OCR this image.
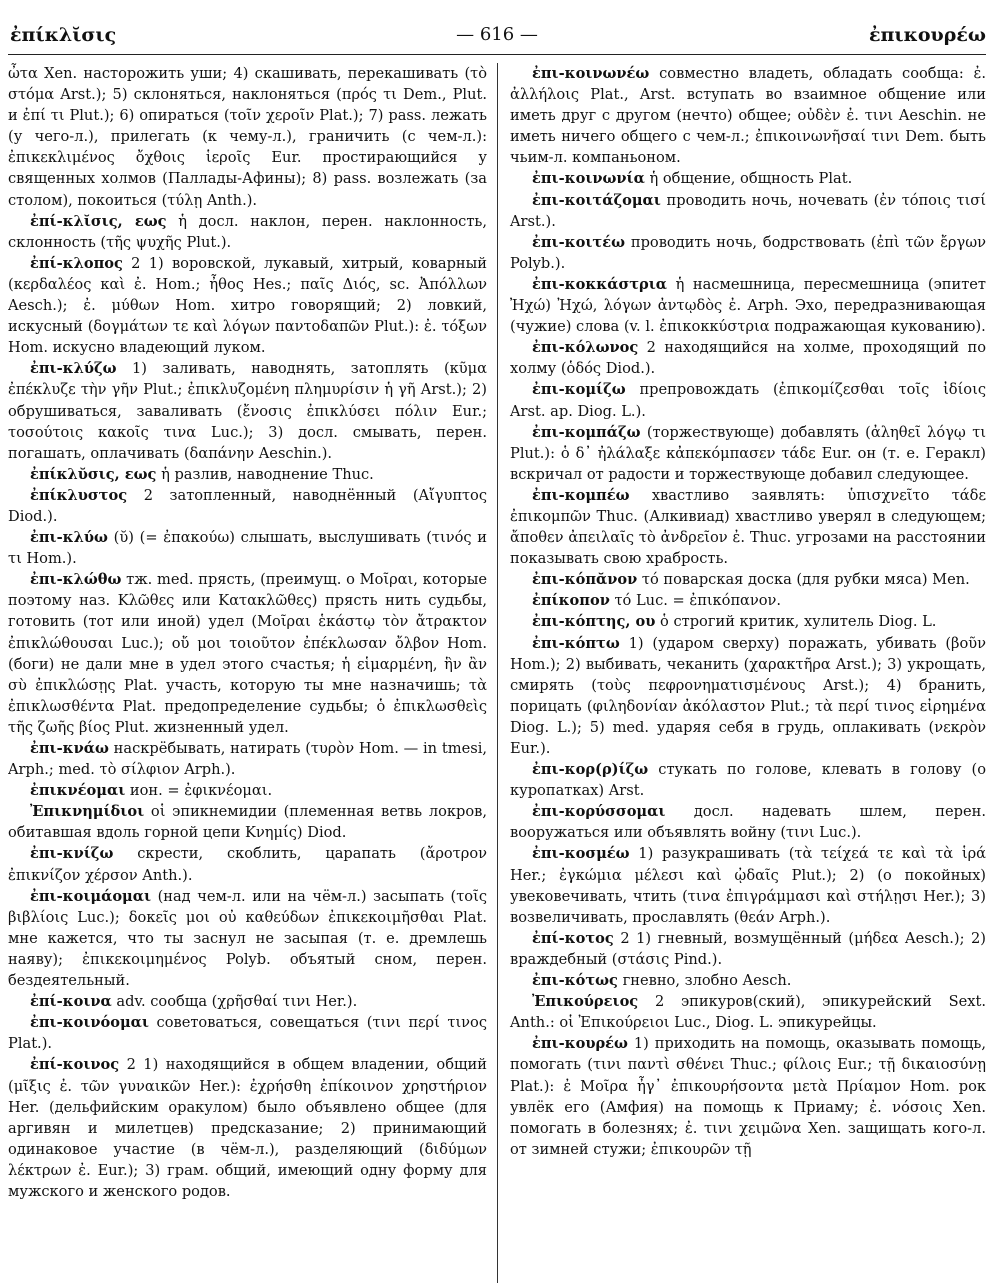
ἐπίκλῐσις	— 616 —	ἐπικουρέω

ὦτα Xen. насторожить уши; 4) скашивать, перекашивать (τὸ στόμα Arst.); 5) склоняться, наклоняться (πρός τι Dem., Plut. и ἐπί τι Plut.); 6) опираться (τοῖν χεροῖν Plat.); 7) pass. лежать (у чего-л.), прилегать (к чему-л.), граничить (с чем-л.): ἐπικεκλιμένος ὄχθοις ἱεροῖς Eur. простирающийся у священных холмов (Паллады-Афины); 8) pass. возлежать (за столом), покоиться (τύλῃ Anth.).

ἐπί-κλῐσις, εως ἡ досл. наклон, перен. наклонность, склонность (τῆς ψυχῆς Plut.).

ἐπί-κλοπος 2 1) воровской, лукавый, хитрый, коварный (κερδαλέος καὶ ἐ. Hom.; ἦθος Hes.; παῖς Διός, sc. Ἀπόλλων Aesch.); ἐ. μύθων Hom. хитро говорящий; 2) ловкий, искусный (δογμάτων τε καὶ λόγων παντοδαπῶν Plut.): ἐ. τόξων Hom. искусно владеющий луком.

ἐπι-κλύζω 1) заливать, наводнять, затоплять (κῦμα ἐπέκλυζε τὴν γῆν Plut.; ἐπικλυζομένη πλημυρίσιν ἡ γῆ Arst.); 2) обрушиваться, заваливать (ἔνοσις ἐπικλύσει πόλιν Eur.; τοσούτοις κακοῖς τινα Luc.); 3) досл. смывать, перен. погашать, оплачивать (δαπάνην Aeschin.).

ἐπίκλῠσις, εως ἡ разлив, наводнение Thuc.

ἐπίκλυστος 2 затопленный, наводнённый (Αἴγυπτος Diod.).

ἐπι-κλύω (ῠ) (= ἐπακούω) слышать, выслушивать (τινός и τι Hom.).

ἐπι-κλώθω тж. med. прясть, (преимущ. о Μοῖραι, которые поэтому наз. Κλῶθες или Κατακλῶθες) прясть нить судьбы, готовить (тот или иной) удел (Μοῖραι ἑκάστῳ τὸν ἄτρακτον ἐπικλώθουσαι Luc.); οὔ μοι τοιοῦτον ἐπέκλωσαν ὄλβον Hom. (боги) не дали мне в удел этого счастья; ἡ εἱμαρμένη, ἣν ἂν σὺ ἐπικλώσῃς Plat. участь, которую ты мне назначишь; τὰ ἐπικλωσθέντα Plat. предопределение судьбы; ὁ ἐπικλωσθεὶς τῆς ζωῆς βίος Plut. жизненный удел.

ἐπι-κνάω наскрёбывать, натирать (τυρὸν Hom. — in tmesi, Arph.; med. τὸ σίλφιον Arph.).

ἐπικνέομαι ион. = ἐφικνέομαι.

Ἐπικνημίδιοι οἱ эпикнемидии (племенная ветвь локров, обитавшая вдоль горной цепи Κνημίς) Diod.

ἐπι-κνίζω скрести, скоблить, царапать (ἄροτρον ἐπικνίζον χέρσον Anth.).

ἐπι-κοιμάομαι (над чем-л. или на чём-л.) засыпать (τοῖς βιβλίοις Luc.); δοκεῖς μοι οὐ καθεύδων ἐπικεκοιμῆσθαι Plat. мне кажется, что ты заснул не засыпая (т. е. дремлешь наяву); ἐπικεκοιμημένος Polyb. объятый сном, перен. бездеятельный.

ἐπί-κοινα adv. сообща (χρῆσθαί τινι Her.).

ἐπι-κοινόομαι советоваться, совещаться (τινι περί τινος Plat.).

ἐπί-κοινος 2 1) находящийся в общем владении, общий (μῖξις ἐ. τῶν γυναικῶν Her.): ἐχρήσθη ἐπίκοινον χρηστήριον Her. (дельфийским оракулом) было объявлено общее (для аргивян и милетцев) предсказание; 2) принимающий одинаковое участие (в чём-л.), разделяющий (διδύμων λέκτρων ἐ. Eur.); 3) грам. общий, имеющий одну форму для мужского и женского родов.

ἐπι-κοινωνέω совместно владеть, обладать сообща: ἐ. ἀλλήλοις Plat., Arst. вступать во взаимное общение или иметь друг с другом (нечто) общее; οὐδὲν ἐ. τινι Aeschin. не иметь ничего общего с чем-л.; ἐπικοινωνῆσαί τινι Dem. быть чьим-л. компаньоном.

ἐπι-κοινωνία ἡ общение, общность Plat.

ἐπι-κοιτάζομαι проводить ночь, ночевать (ἐν τόποις τισί Arst.).

ἐπι-κοιτέω проводить ночь, бодрствовать (ἐπὶ τῶν ἔργων Polyb.).

ἐπι-κοκκάστρια ἡ насмешница, пересмешница (эпитет Ἠχώ) Ἠχώ, λόγων ἀντῳδὸς ἐ. Arph. Эхо, передразнивающая (чужие) слова (v. l. ἐπικοκκύστρια подражающая кукованию).

ἐπι-κόλωνος 2 находящийся на холме, проходящий по холму (ὁδός Diod.).

ἐπι-κομίζω препровождать (ἐπικομίζεσθαι τοῖς ἰδίοις Arst. ap. Diog. L.).

ἐπι-κομπάζω (торжествующе) добавлять (ἀληθεῖ λόγῳ τι Plut.): ὁ δ᾽ ἠλάλαξε κἀπεκόμπασεν τάδε Eur. он (т. е. Геракл) вскричал от радости и торжествующе добавил следующее.

ἐπι-κομπέω хвастливо заявлять: ὑπισχνεῖτο τάδε ἐπικομπῶν Thuc. (Алкивиад) хвастливо уверял в следующем; ἄποθεν ἀπειλαῖς τὸ ἀνδρεῖον ἐ. Thuc. угрозами на расстоянии показывать свою храбрость.

ἐπι-κόπᾰνον τό поварская доска (для рубки мяса) Men.

ἐπίκοπον τό Luc. = ἐπικόπανον.

ἐπι-κόπτης, ου ὁ строгий критик, хулитель Diog. L.

ἐπι-κόπτω 1) (ударом сверху) поражать, убивать (βοῦν Hom.); 2) выбивать, чеканить (χαρακτῆρα Arst.); 3) укрощать, смирять (τοὺς πεφρονηματισμένους Arst.); 4) бранить, порицать (φιληδονίαν ἀκόλαστον Plut.; τὰ περί τινος εἰρημένα Diog. L.); 5) med. ударяя себя в грудь, оплакивать (νεκρὸν Eur.).

ἐπι-κορ(ρ)ίζω стукать по голове, клевать в голову (о куропатках) Arst.

ἐπι-κορύσσομαι досл. надевать шлем, перен. вооружаться или объявлять войну (τινι Luc.).

ἐπι-κοσμέω 1) разукрашивать (τὰ τείχεά τε καὶ τὰ ἱρά Her.; ἐγκώμια μέλεσι καὶ ᾠδαῖς Plut.); 2) (о покойных) увековечивать, чтить (τινα ἐπιγράμμασι καὶ στήλῃσι Her.); 3) возвеличивать, прославлять (θεάν Arph.).

ἐπί-κοτος 2 1) гневный, возмущённый (μήδεα Aesch.); 2) враждебный (στάσις Pind.).

ἐπι-κότως гневно, злобно Aesch.

Ἐπικούρειος 2 эпикуров(ский), эпикурейский Sext. Anth.: οἱ Ἐπικούρειοι Luc., Diog. L. эпикурейцы.

ἐπι-κουρέω 1) приходить на помощь, оказывать помощь, помогать (τινι παντὶ σθένει Thuc.; φίλοις Eur.; τῇ δικαιοσύνῃ Plat.): ἐ Μοῖρα ἦγ᾽ ἐπικουρήσοντα μετὰ Πρίαμον Hom. рок увлёк его (Амфия) на помощь к Приаму; ἐ. νόσοις Xen. помогать в болезнях; ἐ. τινι χειμῶνα Xen. защищать кого-л. от зимней стужи; ἐπικουρῶν τῇ
